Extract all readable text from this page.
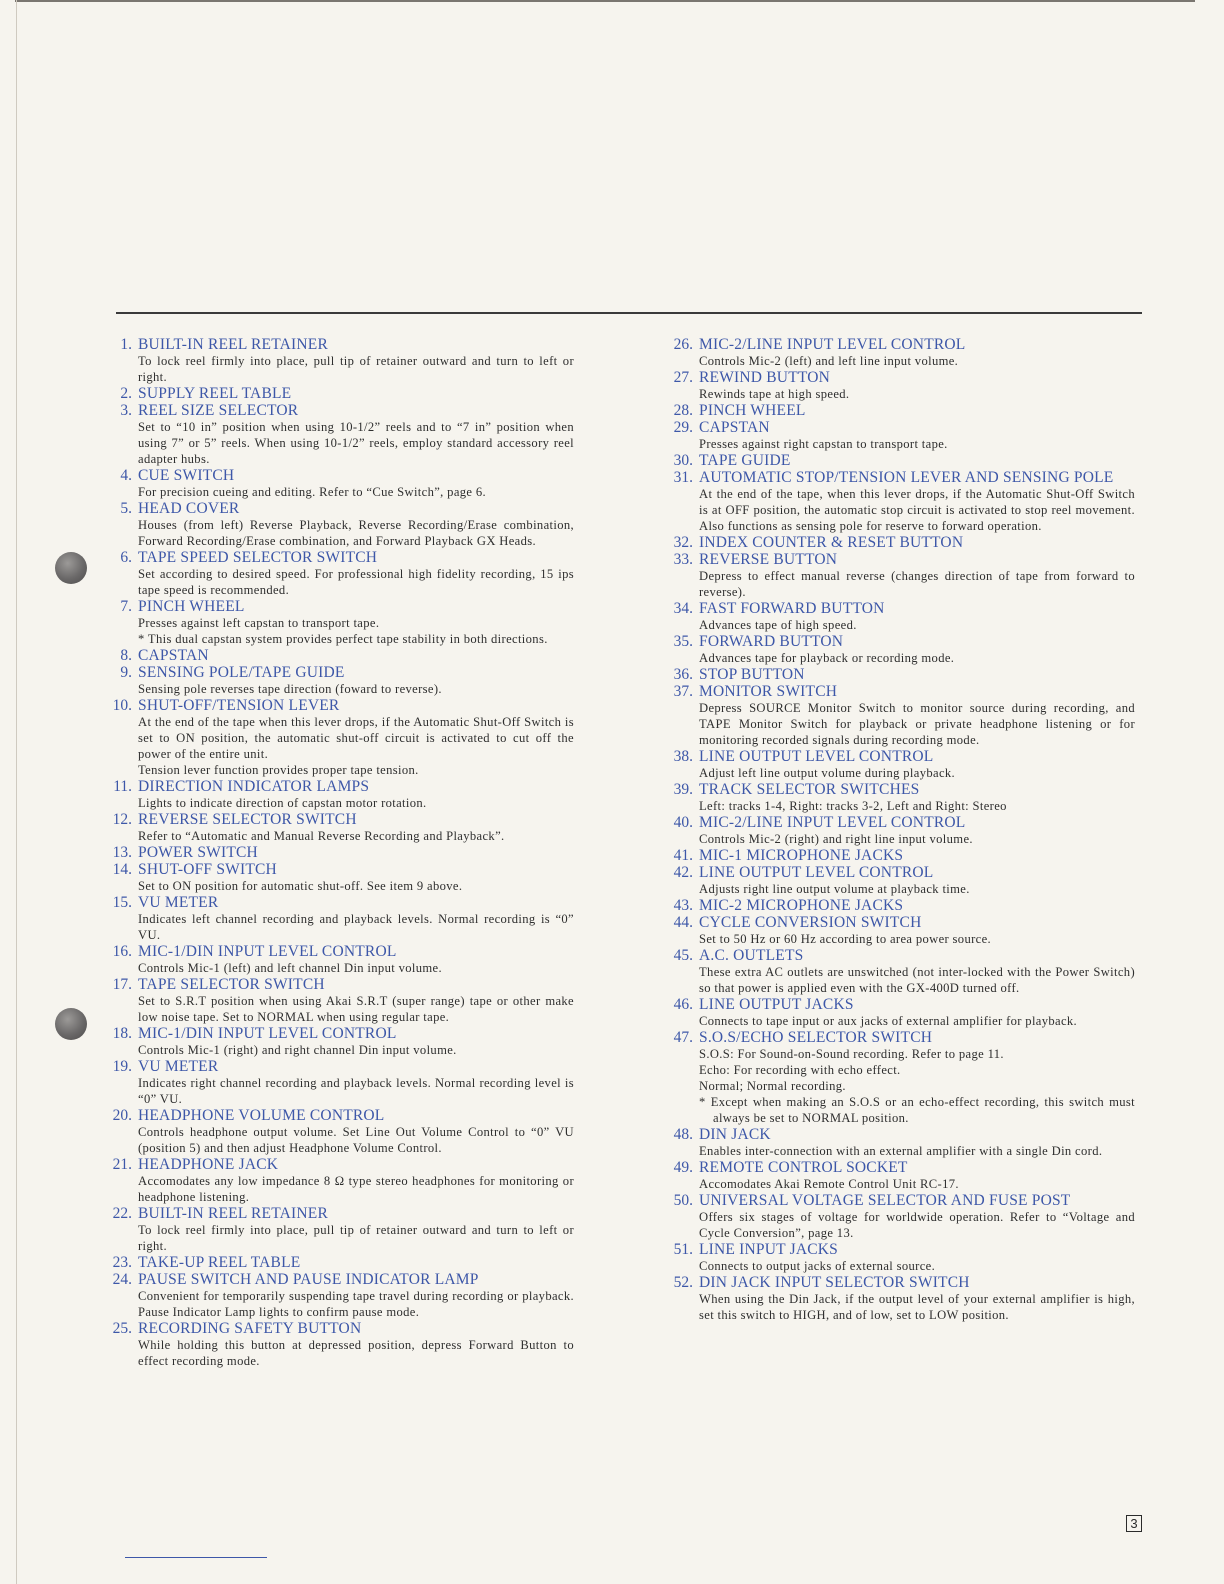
1. BUILT-IN REEL RETAINER
To lock reel firmly into place, pull tip of retainer outward and turn to left or right.
2. SUPPLY REEL TABLE
3. REEL SIZE SELECTOR
Set to “10 in” position when using 10-1/2” reels and to “7 in” position when using 7” or 5” reels. When using 10-1/2” reels, employ standard accessory reel adapter hubs.
4. CUE SWITCH
For precision cueing and editing. Refer to “Cue Switch”, page 6.
5. HEAD COVER
Houses (from left) Reverse Playback, Reverse Recording/Erase combination, Forward Recording/Erase combination, and Forward Playback GX Heads.
6. TAPE SPEED SELECTOR SWITCH
Set according to desired speed. For professional high fidelity recording, 15 ips tape speed is recommended.
7. PINCH WHEEL
Presses against left capstan to transport tape.
* This dual capstan system provides perfect tape stability in both directions.
8. CAPSTAN
9. SENSING POLE/TAPE GUIDE
Sensing pole reverses tape direction (foward to reverse).
10. SHUT-OFF/TENSION LEVER
At the end of the tape when this lever drops, if the Automatic Shut-Off Switch is set to ON position, the automatic shut-off circuit is activated to cut off the power of the entire unit.
Tension lever function provides proper tape tension.
11. DIRECTION INDICATOR LAMPS
Lights to indicate direction of capstan motor rotation.
12. REVERSE SELECTOR SWITCH
Refer to “Automatic and Manual Reverse Recording and Playback”.
13. POWER SWITCH
14. SHUT-OFF SWITCH
Set to ON position for automatic shut-off. See item 9 above.
15. VU METER
Indicates left channel recording and playback levels. Normal recording is “0” VU.
16. MIC-1/DIN INPUT LEVEL CONTROL
Controls Mic-1 (left) and left channel Din input volume.
17. TAPE SELECTOR SWITCH
Set to S.R.T position when using Akai S.R.T (super range) tape or other make low noise tape. Set to NORMAL when using regular tape.
18. MIC-1/DIN INPUT LEVEL CONTROL
Controls Mic-1 (right) and right channel Din input volume.
19. VU METER
Indicates right channel recording and playback levels. Normal recording level is “0” VU.
20. HEADPHONE VOLUME CONTROL
Controls headphone output volume. Set Line Out Volume Control to “0” VU (position 5) and then adjust Headphone Volume Control.
21. HEADPHONE JACK
Accomodates any low impedance 8 Ω type stereo headphones for monitoring or headphone listening.
22. BUILT-IN REEL RETAINER
To lock reel firmly into place, pull tip of retainer outward and turn to left or right.
23. TAKE-UP REEL TABLE
24. PAUSE SWITCH AND PAUSE INDICATOR LAMP
Convenient for temporarily suspending tape travel during recording or playback. Pause Indicator Lamp lights to confirm pause mode.
25. RECORDING SAFETY BUTTON
While holding this button at depressed position, depress Forward Button to effect recording mode.
26. MIC-2/LINE INPUT LEVEL CONTROL
Controls Mic-2 (left) and left line input volume.
27. REWIND BUTTON
Rewinds tape at high speed.
28. PINCH WHEEL
29. CAPSTAN
Presses against right capstan to transport tape.
30. TAPE GUIDE
31. AUTOMATIC STOP/TENSION LEVER AND SENSING POLE
At the end of the tape, when this lever drops, if the Automatic Shut-Off Switch is at OFF position, the automatic stop circuit is activated to stop reel movement. Also functions as sensing pole for reserve to forward operation.
32. INDEX COUNTER & RESET BUTTON
33. REVERSE BUTTON
Depress to effect manual reverse (changes direction of tape from forward to reverse).
34. FAST FORWARD BUTTON
Advances tape of high speed.
35. FORWARD BUTTON
Advances tape for playback or recording mode.
36. STOP BUTTON
37. MONITOR SWITCH
Depress SOURCE Monitor Switch to monitor source during recording, and TAPE Monitor Switch for playback or private headphone listening or for monitoring recorded signals during recording mode.
38. LINE OUTPUT LEVEL CONTROL
Adjust left line output volume during playback.
39. TRACK SELECTOR SWITCHES
Left: tracks 1-4, Right: tracks 3-2, Left and Right: Stereo
40. MIC-2/LINE INPUT LEVEL CONTROL
Controls Mic-2 (right) and right line input volume.
41. MIC-1 MICROPHONE JACKS
42. LINE OUTPUT LEVEL CONTROL
Adjusts right line output volume at playback time.
43. MIC-2 MICROPHONE JACKS
44. CYCLE CONVERSION SWITCH
Set to 50 Hz or 60 Hz according to area power source.
45. A.C. OUTLETS
These extra AC outlets are unswitched (not inter-locked with the Power Switch) so that power is applied even with the GX-400D turned off.
46. LINE OUTPUT JACKS
Connects to tape input or aux jacks of external amplifier for playback.
47. S.O.S/ECHO SELECTOR SWITCH
S.O.S: For Sound-on-Sound recording. Refer to page 11.
Echo: For recording with echo effect.
Normal; Normal recording.
* Except when making an S.O.S or an echo-effect recording, this switch must always be set to NORMAL position.
48. DIN JACK
Enables inter-connection with an external amplifier with a single Din cord.
49. REMOTE CONTROL SOCKET
Accomodates Akai Remote Control Unit RC-17.
50. UNIVERSAL VOLTAGE SELECTOR AND FUSE POST
Offers six stages of voltage for worldwide operation. Refer to “Voltage and Cycle Conversion”, page 13.
51. LINE INPUT JACKS
Connects to output jacks of external source.
52. DIN JACK INPUT SELECTOR SWITCH
When using the Din Jack, if the output level of your external amplifier is high, set this switch to HIGH, and of low, set to LOW position.
3
